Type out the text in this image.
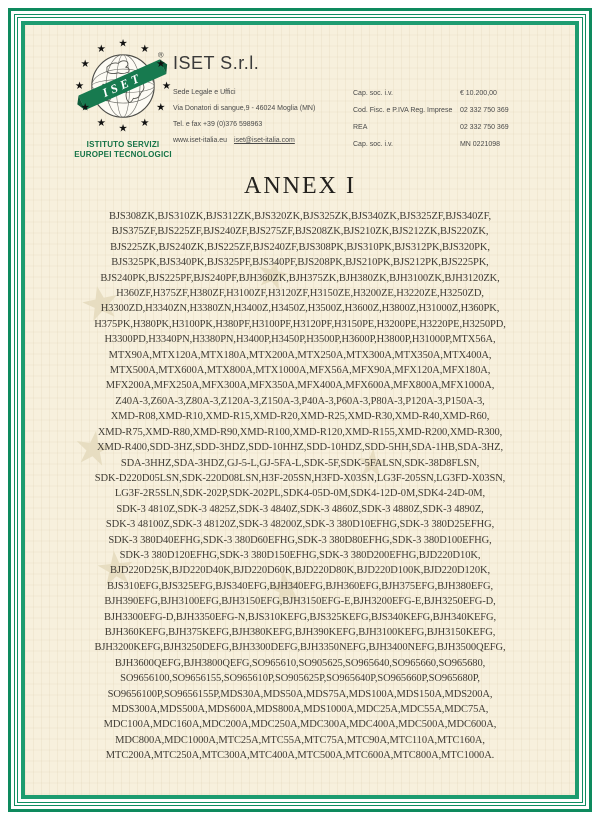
★
★
★
★
★
★
ISET
★
★
★
★
★
★ ★ ★
★
★
★
★
®
ISTITUTO SERVIZI
EUROPEI TECNOLOGICI
ISET S.r.l.
Sede Legale e Uffici
Via Donatori di sangue,9 - 46024 Moglia (MN)
Tel. e fax +39 (0)376 598963
www.iset-italia.eu iset@iset-italia.com
Cap. soc. i.v.	€ 10.200,00
Cod. Fisc. e P.IVA Reg. Imprese 02 332 750 369
REA	02 332 750 369
Cap. soc. i.v.	MN 0221098
ANNEX I
BJS308ZK,BJS310ZK,BJS312ZK,BJS320ZK,BJS325ZK,BJS340ZK,BJS325ZF,BJS340ZF,
BJS375ZF,BJS225ZF,BJS240ZF,BJS275ZF,BJS208ZK,BJS210ZK,BJS212ZK,BJS220ZK,
BJS225ZK,BJS240ZK,BJS225ZF,BJS240ZF,BJS308PK,BJS310PK,BJS312PK,BJS320PK,
BJS325PK,BJS340PK,BJS325PF,BJS340PF,BJS208PK,BJS210PK,BJS212PK,BJS225PK,
BJS240PK,BJS225PF,BJS240PF,BJH360ZK,BJH375ZK,BJH380ZK,BJH3100ZK,BJH3120ZK,
H360ZF,H375ZF,H380ZF,H3100ZF,H3120ZF,H3150ZE,H3200ZE,H3220ZE,H3250ZD,
H3300ZD,H3340ZN,H3380ZN,H3400Z,H3450Z,H3500Z,H3600Z,H3800Z,H31000Z,H360PK,
H375PK,H380PK,H3100PK,H380PF,H3100PF,H3120PF,H3150PE,H3200PE,H3220PE,H3250PD,
H3300PD,H3340PN,H3380PN,H3400P,H3450P,H3500P,H3600P,H3800P,H31000P,MTX56A,
MTX90A,MTX120A,MTX180A,MTX200A,MTX250A,MTX300A,MTX350A,MTX400A,
MTX500A,MTX600A,MTX800A,MTX1000A,MFX56A,MFX90A,MFX120A,MFX180A,
MFX200A,MFX250A,MFX300A,MFX350A,MFX400A,MFX600A,MFX800A,MFX1000A,
Z40A-3,Z60A-3,Z80A-3,Z120A-3,Z150A-3,P40A-3,P60A-3,P80A-3,P120A-3,P150A-3,
XMD-R08,XMD-R10,XMD-R15,XMD-R20,XMD-R25,XMD-R30,XMD-R40,XMD-R60,
XMD-R75,XMD-R80,XMD-R90,XMD-R100,XMD-R120,XMD-R155,XMD-R200,XMD-R300,
XMD-R400,SDD-3HZ,SDD-3HDZ,SDD-10HHZ,SDD-10HDZ,SDD-5HH,SDA-1HB,SDA-3HZ,
SDA-3HHZ,SDA-3HDZ,GJ-5-L,GJ-5FA-L,SDK-5F,SDK-5FALSN,SDK-38D8FLSN,
SDK-D220D05LSN,SDK-220D08LSN,H3F-205SN,H3FD-X03SN,LG3F-205SN,LG3FD-X03SN,
LG3F-2R5SLN,SDK-202P,SDK-202PL,SDK4-05D-0M,SDK4-12D-0M,SDK4-24D-0M,
SDK-3 4810Z,SDK-3 4825Z,SDK-3 4840Z,SDK-3 4860Z,SDK-3 4880Z,SDK-3 4890Z,
SDK-3 48100Z,SDK-3 48120Z,SDK-3 48200Z,SDK-3 380D10EFHG,SDK-3 380D25EFHG,
SDK-3 380D40EFHG,SDK-3 380D60EFHG,SDK-3 380D80EFHG,SDK-3 380D100EFHG,
SDK-3 380D120EFHG,SDK-3 380D150EFHG,SDK-3 380D200EFHG,BJD220D10K,
BJD220D25K,BJD220D40K,BJD220D60K,BJD220D80K,BJD220D100K,BJD220D120K,
BJS310EFG,BJS325EFG,BJS340EFG,BJH340EFG,BJH360EFG,BJH375EFG,BJH380EFG,
BJH390EFG,BJH3100EFG,BJH3150EFG,BJH3150EFG-E,BJH3200EFG-E,BJH3250EFG-D,
BJH3300EFG-D,BJH3350EFG-N,BJS310KEFG,BJS325KEFG,BJS340KEFG,BJH340KEFG,
BJH360KEFG,BJH375KEFG,BJH380KEFG,BJH390KEFG,BJH3100KEFG,BJH3150KEFG,
BJH3200KEFG,BJH3250DEFG,BJH3300DEFG,BJH3350NEFG,BJH3400NEFG,BJH3500QEFG,
BJH3600QEFG,BJH3800QEFG,SO965610,SO905625,SO965640,SO965660,SO965680,
SO9656100,SO9656155,SO965610P,SO905625P,SO965640P,SO965660P,SO965680P,
SO9656100P,SO9656155P,MDS30A,MDS50A,MDS75A,MDS100A,MDS150A,MDS200A,
MDS300A,MDS500A,MDS600A,MDS800A,MDS1000A,MDC25A,MDC55A,MDC75A,
MDC100A,MDC160A,MDC200A,MDC250A,MDC300A,MDC400A,MDC500A,MDC600A,
MDC800A,MDC1000A,MTC25A,MTC55A,MTC75A,MTC90A,MTC110A,MTC160A,
MTC200A,MTC250A,MTC300A,MTC400A,MTC500A,MTC600A,MTC800A,MTC1000A.
